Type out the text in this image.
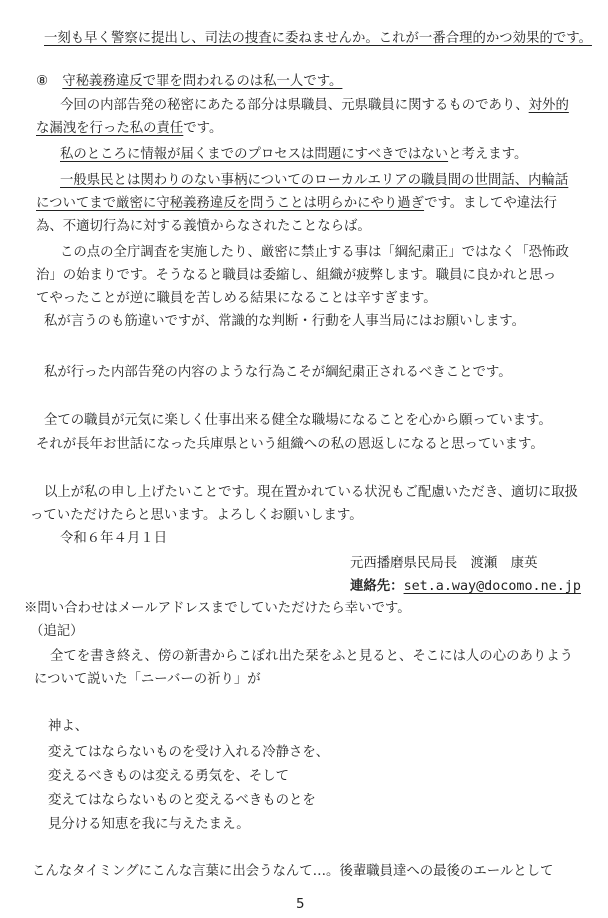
一刻も早く警察に提出し、司法の捜査に委ねませんか。これが一番合理的かつ効果的です。
⑧ 守秘義務違反で罪を問われるのは私一人です。
今回の内部告発の秘密にあたる部分は県職員、元県職員に関するものであり、対外的
な漏洩を行った私の責任です。
私のところに情報が届くまでのプロセスは問題にすべきではないと考えます。
一般県民とは関わりのない事柄についてのローカルエリアの職員間の世間話、内輪話
についてまで厳密に守秘義務違反を問うことは明らかにやり過ぎです。ましてや違法行
為、不適切行為に対する義憤からなされたことならば。
この点の全庁調査を実施したり、厳密に禁止する事は「綱紀粛正」ではなく「恐怖政
治」の始まりです。そうなると職員は委縮し、組織が疲弊します。職員に良かれと思っ
てやったことが逆に職員を苦しめる結果になることは辛すぎます。
私が言うのも筋違いですが、常識的な判断・行動を人事当局にはお願いします。
私が行った内部告発の内容のような行為こそが綱紀粛正されるべきことです。
全ての職員が元気に楽しく仕事出来る健全な職場になることを心から願っています。
それが長年お世話になった兵庫県という組織への私の恩返しになると思っています。
以上が私の申し上げたいことです。現在置かれている状況もご配慮いただき、適切に取扱
っていただけたらと思います。よろしくお願いします。
令和６年４月１日
元西播磨県民局長　渡瀬　康英
連絡先：set.a.way@docomo.ne.jp
※問い合わせはメールアドレスまでしていただけたら幸いです。
（追記）
全てを書き終え、傍の新書からこぼれ出た栞をふと見ると、そこには人の心のありよう
について説いた「ニーバーの祈り」が
神よ、
変えてはならないものを受け入れる冷静さを、
変えるべきものは変える勇気を、そして
変えてはならないものと変えるべきものとを
見分ける知恵を我に与えたまえ。
こんなタイミングにこんな言葉に出会うなんて…。後輩職員達への最後のエールとして
5
